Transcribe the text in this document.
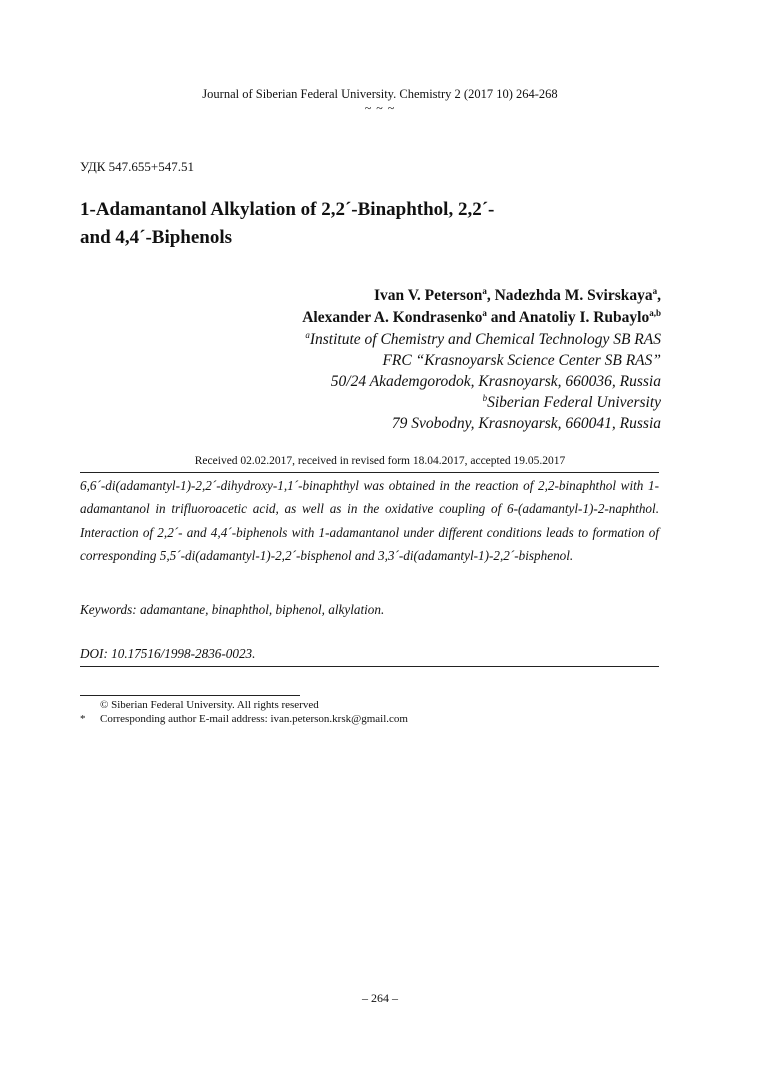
Journal of Siberian Federal University. Chemistry 2 (2017 10) 264-268
~ ~ ~
УДК 547.655+547.51
1-Adamantanol Alkylation of 2,2´-Binaphthol, 2,2´-
and 4,4´-Biphenols
Ivan V. Peterson$^a$, Nadezhda M. Svirskaya$^a$,
Alexander A. Kondrasenko$^a$ and Anatoliy I. Rubaylo$^{a,b}$
$^a$Institute of Chemistry and Chemical Technology SB RAS
FRC “Krasnoyarsk Science Center SB RAS”
50/24 Akademgorodok, Krasnoyarsk, 660036, Russia
$^b$Siberian Federal University
79 Svobodny, Krasnoyarsk, 660041, Russia
Received 02.02.2017, received in revised form 18.04.2017, accepted 19.05.2017
6,6´-di(adamantyl-1)-2,2´-dihydroxy-1,1´-binaphthyl was obtained in the reaction of 2,2-binaphthol with 1-adamantanol in trifluoroacetic acid, as well as in the oxidative coupling of 6-(adamantyl-1)-2-naphthol. Interaction of 2,2´- and 4,4´-biphenols with 1-adamantanol under different conditions leads to formation of corresponding 5,5´-di(adamantyl-1)-2,2´-bisphenol and 3,3´-di(adamantyl-1)-2,2´-bisphenol.
Keywords: adamantane, binaphthol, biphenol, alkylation.
DOI: 10.17516/1998-2836-0023.
© Siberian Federal University. All rights reserved
* Corresponding author E-mail address: ivan.peterson.krsk@gmail.com
– 264 –
